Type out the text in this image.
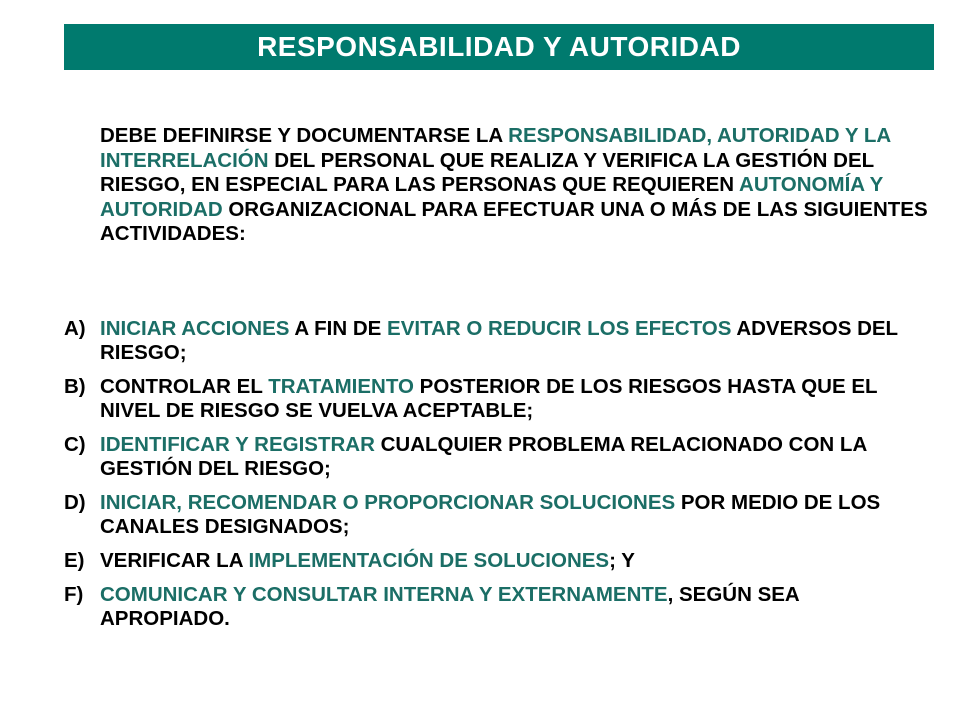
RESPONSABILIDAD Y AUTORIDAD
DEBE DEFINIRSE Y DOCUMENTARSE LA RESPONSABILIDAD, AUTORIDAD Y LA INTERRELACIÓN DEL PERSONAL QUE REALIZA Y VERIFICA LA GESTIÓN DEL RIESGO, EN ESPECIAL PARA LAS PERSONAS QUE REQUIEREN AUTONOMÍA Y AUTORIDAD ORGANIZACIONAL PARA EFECTUAR UNA O MÁS DE LAS SIGUIENTES ACTIVIDADES:
A) INICIAR ACCIONES A FIN DE EVITAR O REDUCIR LOS EFECTOS ADVERSOS DEL RIESGO;
B) CONTROLAR EL TRATAMIENTO POSTERIOR DE LOS RIESGOS HASTA QUE EL NIVEL DE RIESGO SE VUELVA ACEPTABLE;
C) IDENTIFICAR Y REGISTRAR CUALQUIER PROBLEMA RELACIONADO CON LA GESTIÓN DEL RIESGO;
D) INICIAR, RECOMENDAR O PROPORCIONAR SOLUCIONES POR MEDIO DE LOS CANALES DESIGNADOS;
E) VERIFICAR LA IMPLEMENTACIÓN DE SOLUCIONES; Y
F) COMUNICAR Y CONSULTAR INTERNA Y EXTERNAMENTE, SEGÚN SEA APROPIADO.
